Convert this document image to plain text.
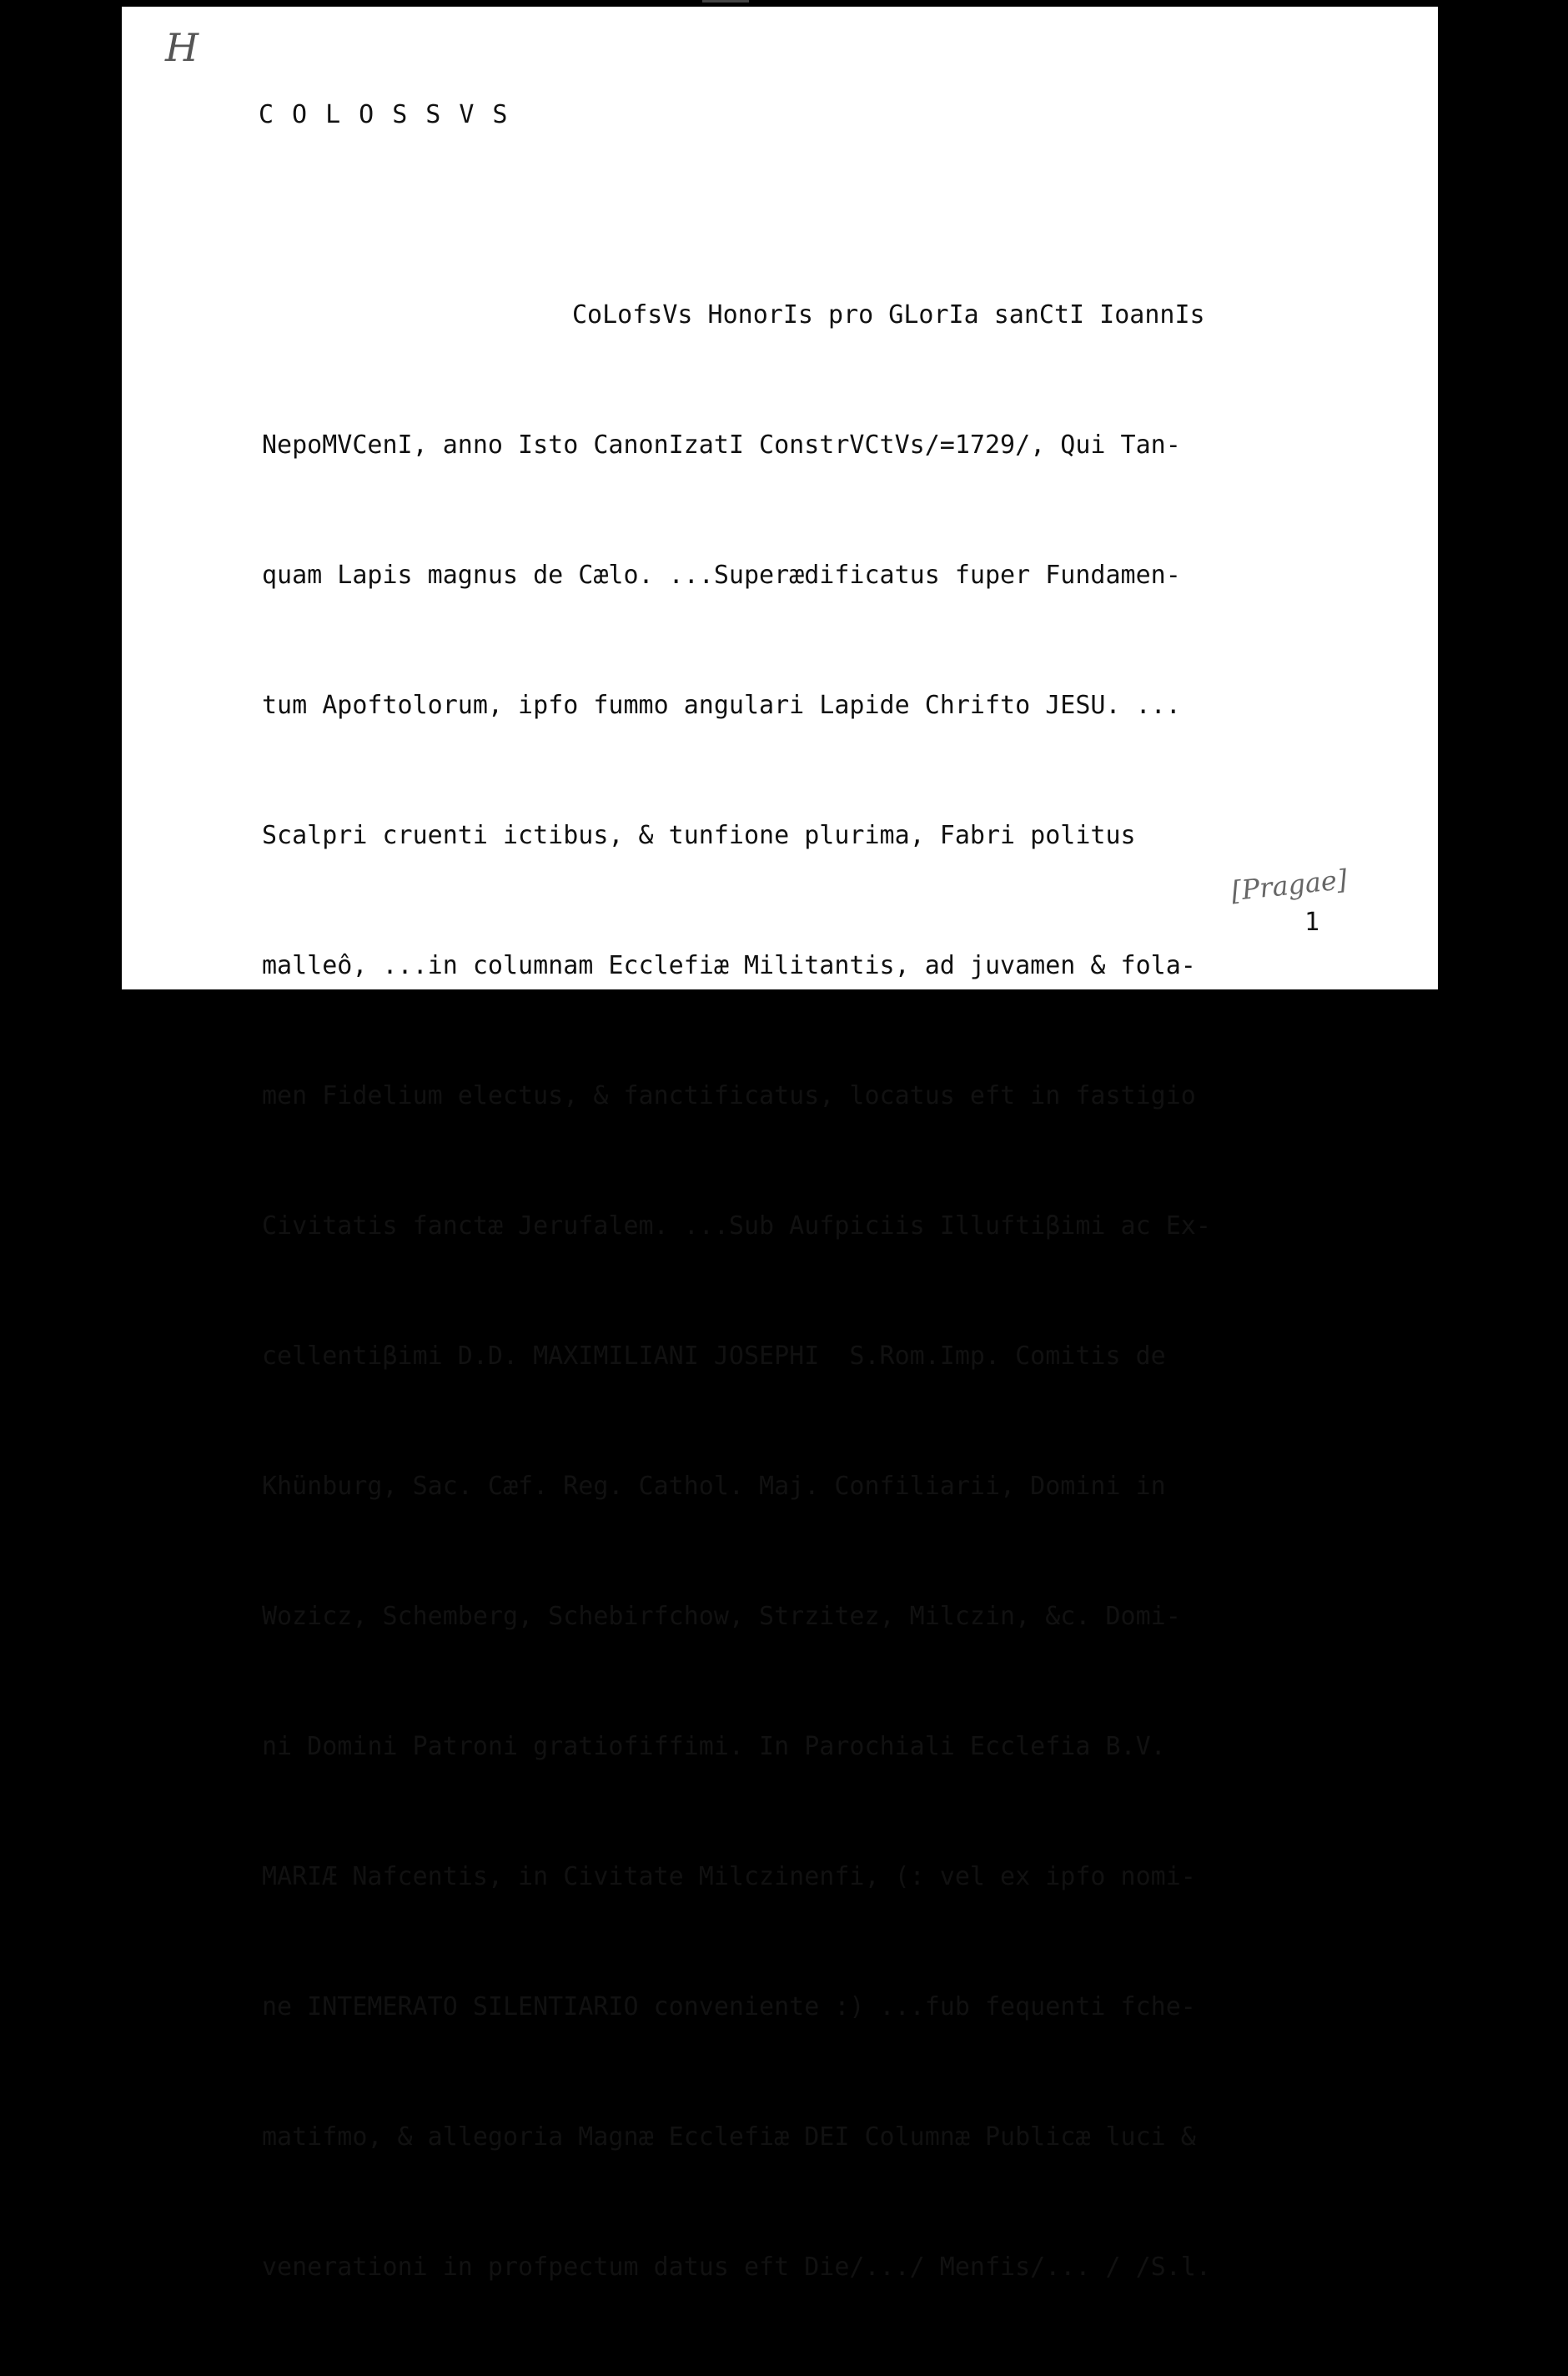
H
COLOSSVS

CoLofsVs HonorIs pro GLorIa sanCtI IoannIs

NepoMVCenI, anno Isto CanonIzatI ConstrVCtVs/=1729/, Qui Tan-

quam Lapis magnus de Cælo. ...Superædificatus fuper Fundamen-

tum Apoftolorum, ipfo fummo angulari Lapide Chrifto JESU. ...

Scalpri cruenti ictibus, & tunfione plurima, Fabri politus

malleô, ...in columnam Ecclefiæ Militantis, ad juvamen & fola-

men Fidelium electus, & fanctificatus, locatus eft in fastigio

Civitatis fanctæ Jerufalem. ...Sub Aufpiciis Illuftiβimi ac Ex-

cellentiβimi D.D. MAXIMILIANI JOSEPHI  S.Rom.Imp. Comitis de

Khünburg, Sac. Cæf. Reg. Cathol. Maj. Confiliarii, Domini in

Wozicz, Schemberg, Schebirfchow, Strzitez, Milczin, &c. Domi-

ni Domini Patroni gratiofiffimi. In Parochiali Ecclefia B.V.

MARIÆ Nafcentis, in Civitate Milczinenfi, (: vel ex ipfo nomi-

ne INTEMERATO SILENTIARIO conveniente :) ...fub fequenti fche-

matifmo, & allegoria Magnæ Ecclefiæ DEI Columnæ Publicæ luci &

venerationi in profpectum datus eft Die/.../ Menfis/... / /S.l.

[Pragae]
1
